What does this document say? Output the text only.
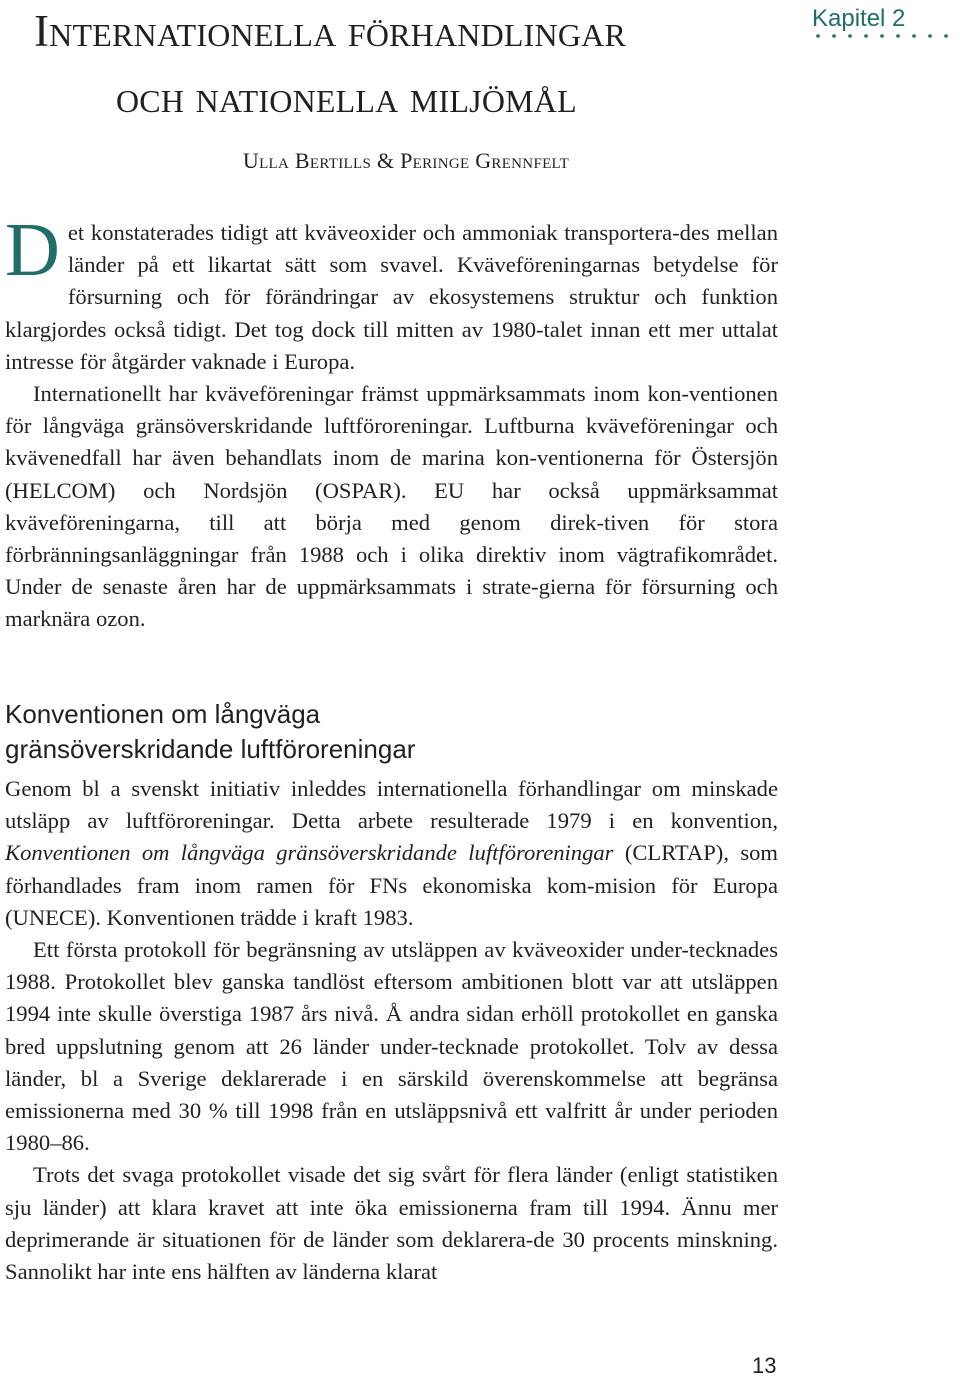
Internationella förhandlingar
och nationella miljömål
Kapitel 2
Ulla Bertills & Peringe Grennfelt
Det konstaterades tidigt att kväveoxider och ammoniak transportera-des mellan länder på ett likartat sätt som svavel. Kväveföreningarnas betydelse för försurning och för förändringar av ekosystemens struktur och funktion klargjordes också tidigt. Det tog dock till mitten av 1980-talet innan ett mer uttalat intresse för åtgärder vaknade i Europa.
Internationellt har kväveföreningar främst uppmärksammats inom kon-ventionen för långväga gränsöverskridande luftföroreningar. Luftburna kväveföreningar och kvävenedfall har även behandlats inom de marina kon-ventionerna för Östersjön (HELCOM) och Nordsjön (OSPAR). EU har också uppmärksammat kväveföreningarna, till att börja med genom direk-tiven för stora förbränningsanläggningar från 1988 och i olika direktiv inom vägtrafikområdet. Under de senaste åren har de uppmärksammats i strate-gierna för försurning och marknära ozon.
Konventionen om långväga
gränsöverskridande luftföroreningar
Genom bl a svenskt initiativ inleddes internationella förhandlingar om minskade utsläpp av luftföroreningar. Detta arbete resulterade 1979 i en konvention, Konventionen om långväga gränsöverskridande luftföroreningar (CLRTAP), som förhandlades fram inom ramen för FNs ekonomiska kom-mision för Europa (UNECE). Konventionen trädde i kraft 1983.
Ett första protokoll för begränsning av utsläppen av kväveoxider under-tecknades 1988. Protokollet blev ganska tandlöst eftersom ambitionen blott var att utsläppen 1994 inte skulle överstiga 1987 års nivå. Å andra sidan erhöll protokollet en ganska bred uppslutning genom att 26 länder under-tecknade protokollet. Tolv av dessa länder, bl a Sverige deklarerade i en särskild överenskommelse att begränsa emissionerna med 30 % till 1998 från en utsläppsnivå ett valfritt år under perioden 1980–86.
Trots det svaga protokollet visade det sig svårt för flera länder (enligt statistiken sju länder) att klara kravet att inte öka emissionerna fram till 1994. Ännu mer deprimerande är situationen för de länder som deklarera-de 30 procents minskning. Sannolikt har inte ens hälften av länderna klarat
13
